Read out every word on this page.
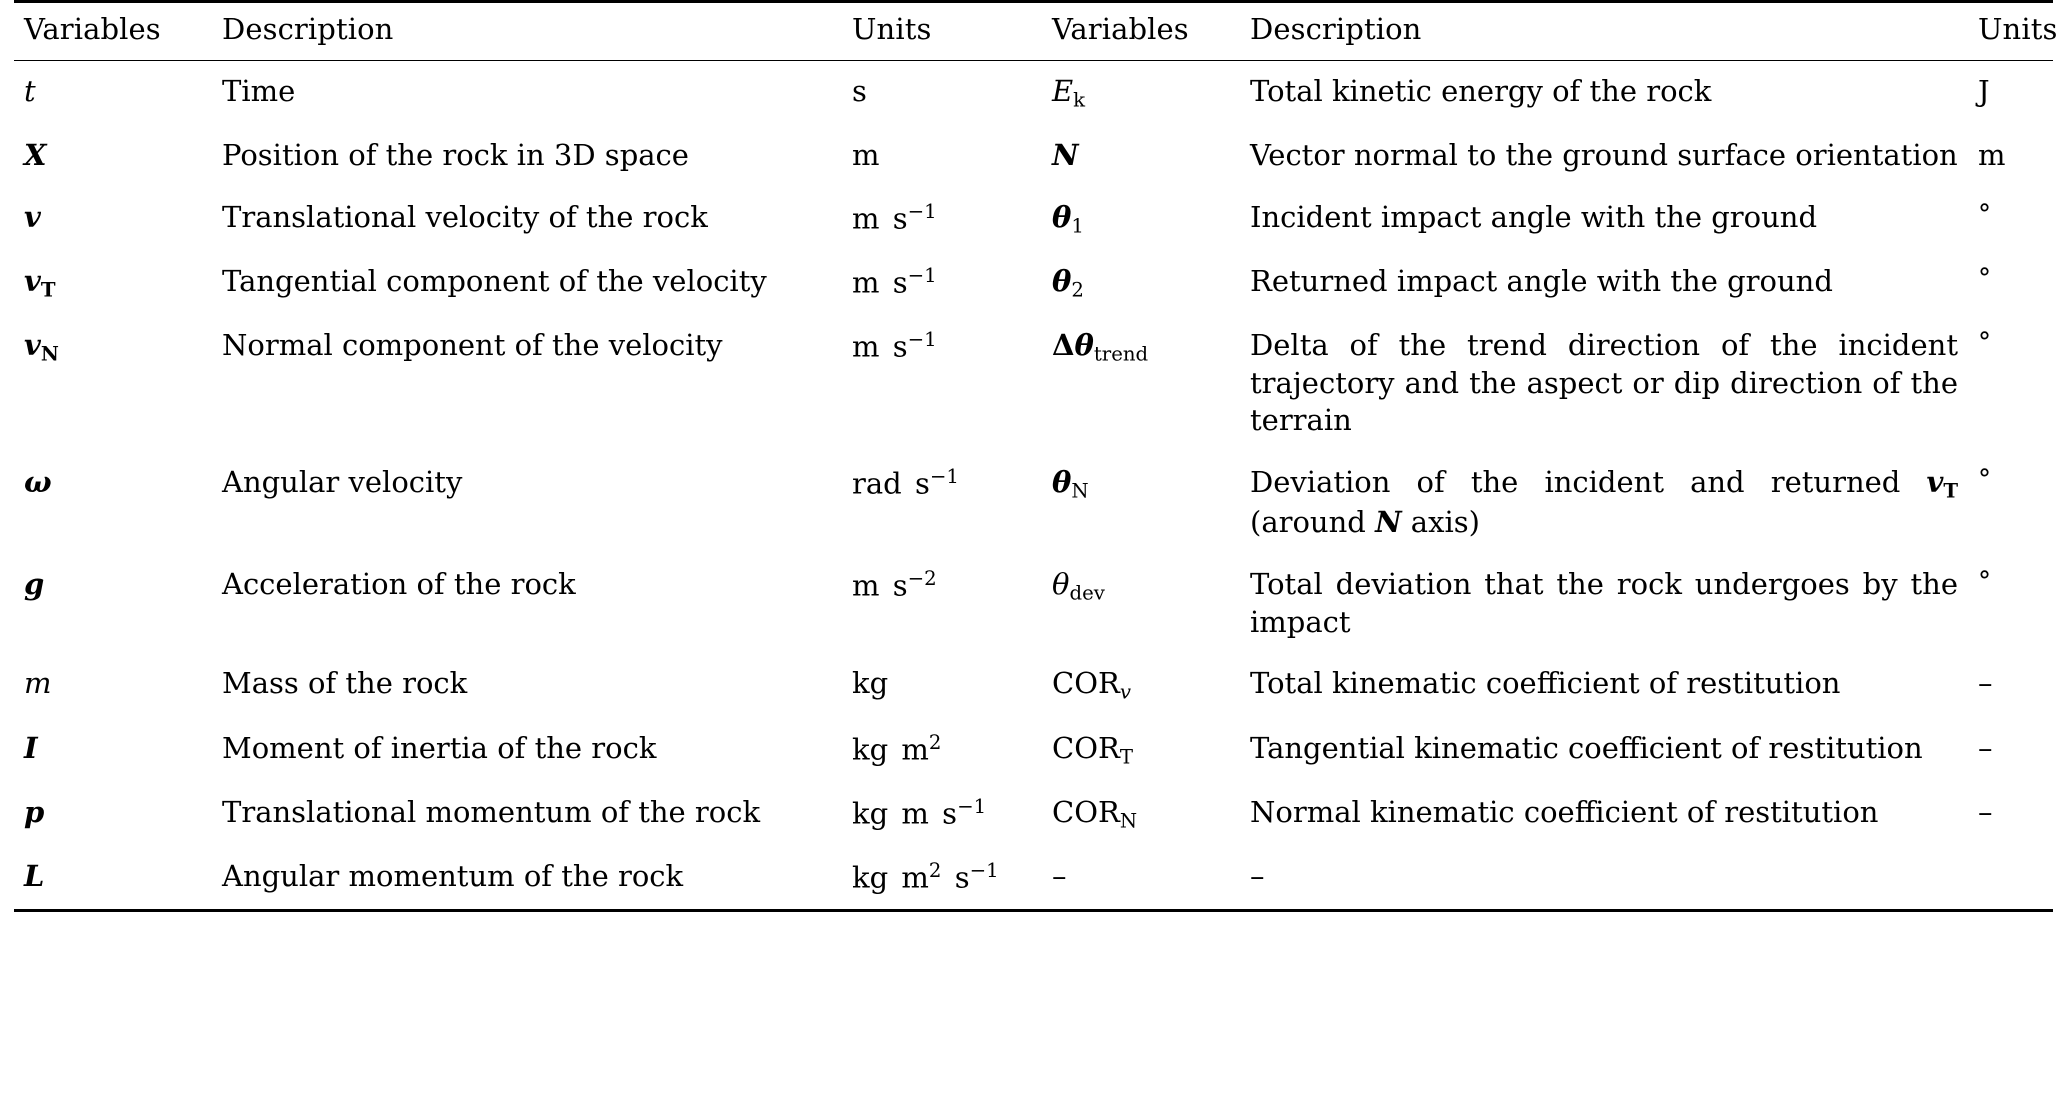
Variables	Description	Units	Variables	Description	Units
t	Time	s	$E_k$	Total kinetic energy of the rock	J
X	Position of the rock in 3D space	m	N	Vector normal to the ground surface orientation	m
v	Translational velocity of the rock	m $s^{-1}$	$\theta_1$	Incident impact angle with the ground	°
$v_T$	Tangential component of the velocity	m $s^{-1}$	$\theta_2$	Returned impact angle with the ground	°
$v_N$	Normal component of the velocity	m $s^{-1}$	$\Delta\theta_{trend}$	Delta of the trend direction of the incident trajectory and the aspect or dip direction of the terrain	°
ω	Angular velocity	rad $s^{-1}$	$\theta_N$	Deviation of the incident and returned $v_T$ (around N axis)	°
g	Acceleration of the rock	m $s^{-2}$	$\theta_{dev}$	Total deviation that the rock undergoes by the impact	°
m	Mass of the rock	kg	$COR_v$	Total kinematic coefficient of restitution	–
I	Moment of inertia of the rock	kg $m^2$	$COR_T$	Tangential kinematic coefficient of restitution	–
p	Translational momentum of the rock	kg m $s^{-1}$	$COR_N$	Normal kinematic coefficient of restitution	–
L	Angular momentum of the rock	kg $m^2$ $s^{-1}$	–	–	
